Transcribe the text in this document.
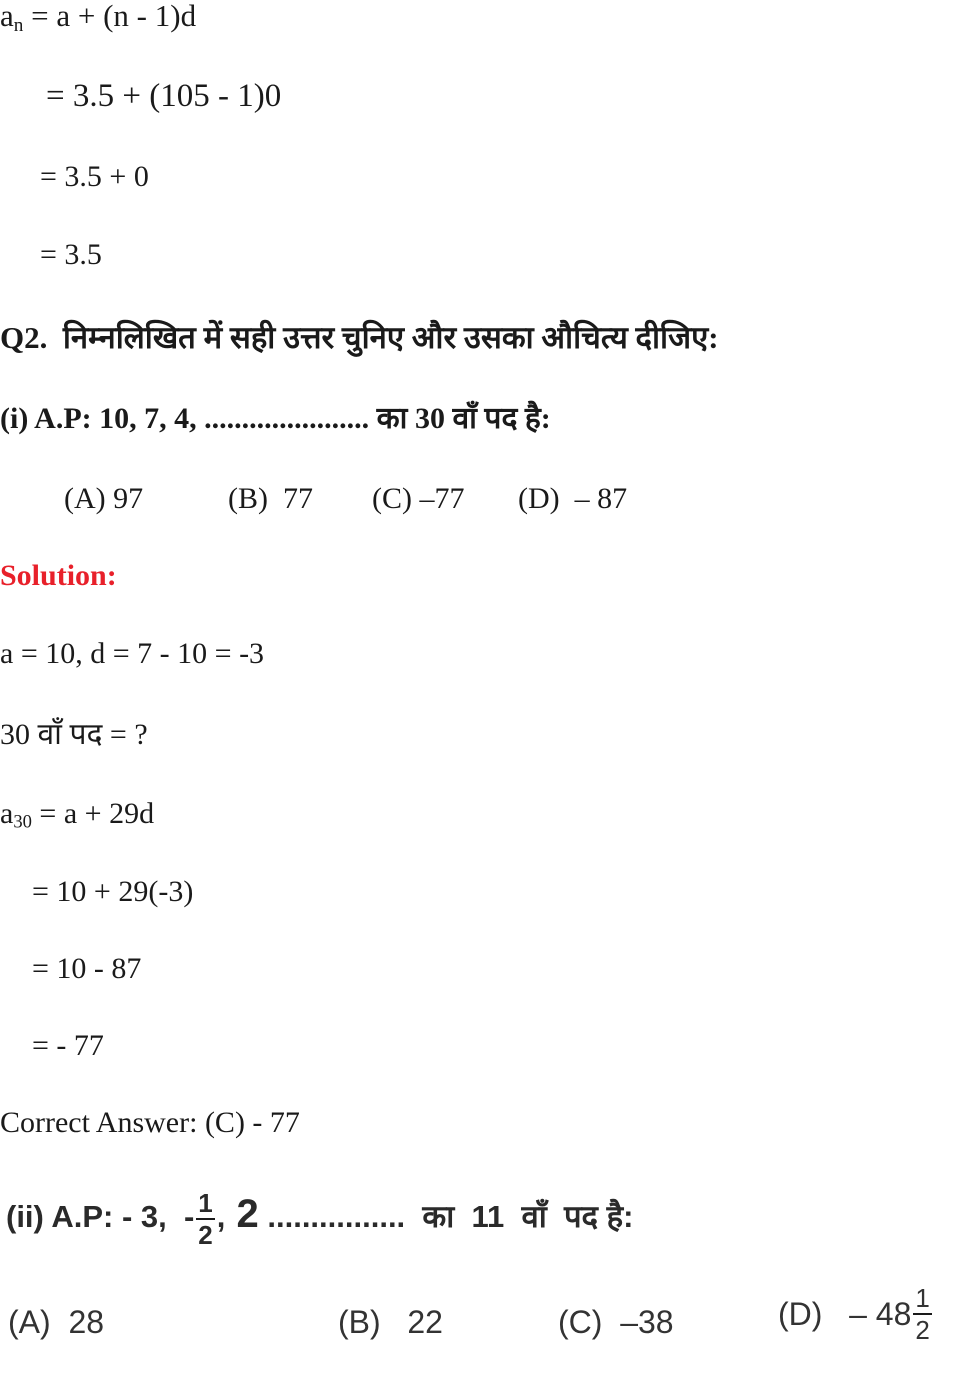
$a_n = a + (n - 1)d$
= 3.5 + (105 - 1)0
= 3.5 + 0
= 3.5
Q2.  निम्नलिखित में सही उत्तर चुनिए और उसका औचित्य दीजिए:
(i) A.P: 10, 7, 4, ...................... का 30 वाँ पद है:
(A) 97	(B)  77 (C) –77 (D)  – 87
Solution:
a = 10, d = 7 - 10 = -3
30 वाँ पद = ?
$a_{30} = a + 29d$
= 10 + 29(-3)
= 10 - 87
= - 77
Correct Answer: (C) - 77
(ii) A.P: - 3,  - $\frac{1}{2}$ , 2 ................  का  11  वाँ  पद है:
(A)  28	(B)   22	(C)  –38	$(D) - 48 \frac{1}{2}$
